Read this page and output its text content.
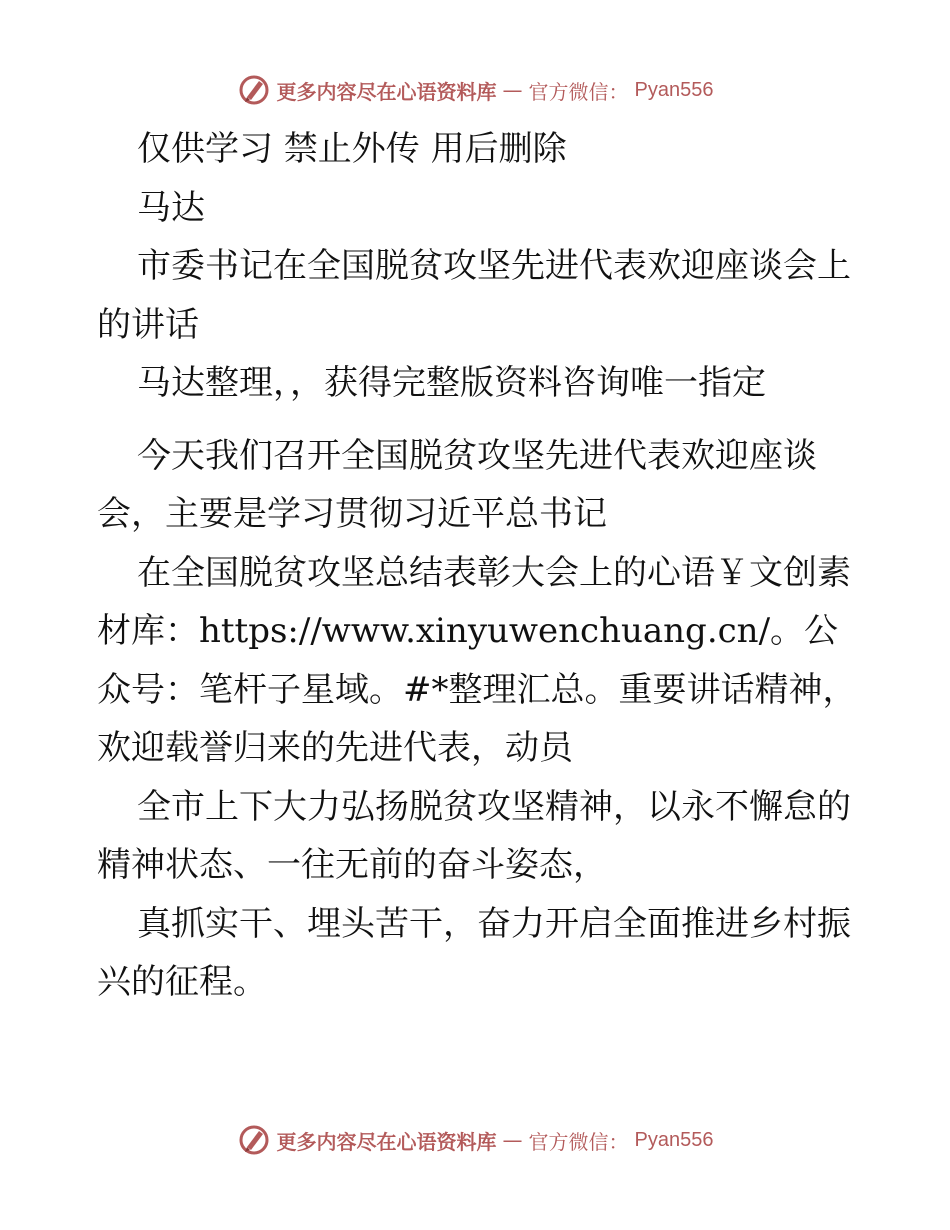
更多内容尽在心语资料库 — 官方微信： Pyan556

仅供学习 禁止外传 用后删除

马达

市委书记在全国脱贫攻坚先进代表欢迎座谈会上的讲话

马达整理，，获得完整版资料咨询唯一指定

今天我们召开全国脱贫攻坚先进代表欢迎座谈会，主要是学习贯彻习近平总书记

在全国脱贫攻坚总结表彰大会上的心语￥文创素材库：https://www.xinyuwenchuang.cn/。公众号：笔杆子星域。#*整理汇总。重要讲话精神，欢迎载誉归来的先进代表，动员

全市上下大力弘扬脱贫攻坚精神，以永不懈怠的精神状态、一往无前的奋斗姿态，

真抓实干、埋头苦干，奋力开启全面推进乡村振兴的征程。

更多内容尽在心语资料库 — 官方微信： Pyan556
